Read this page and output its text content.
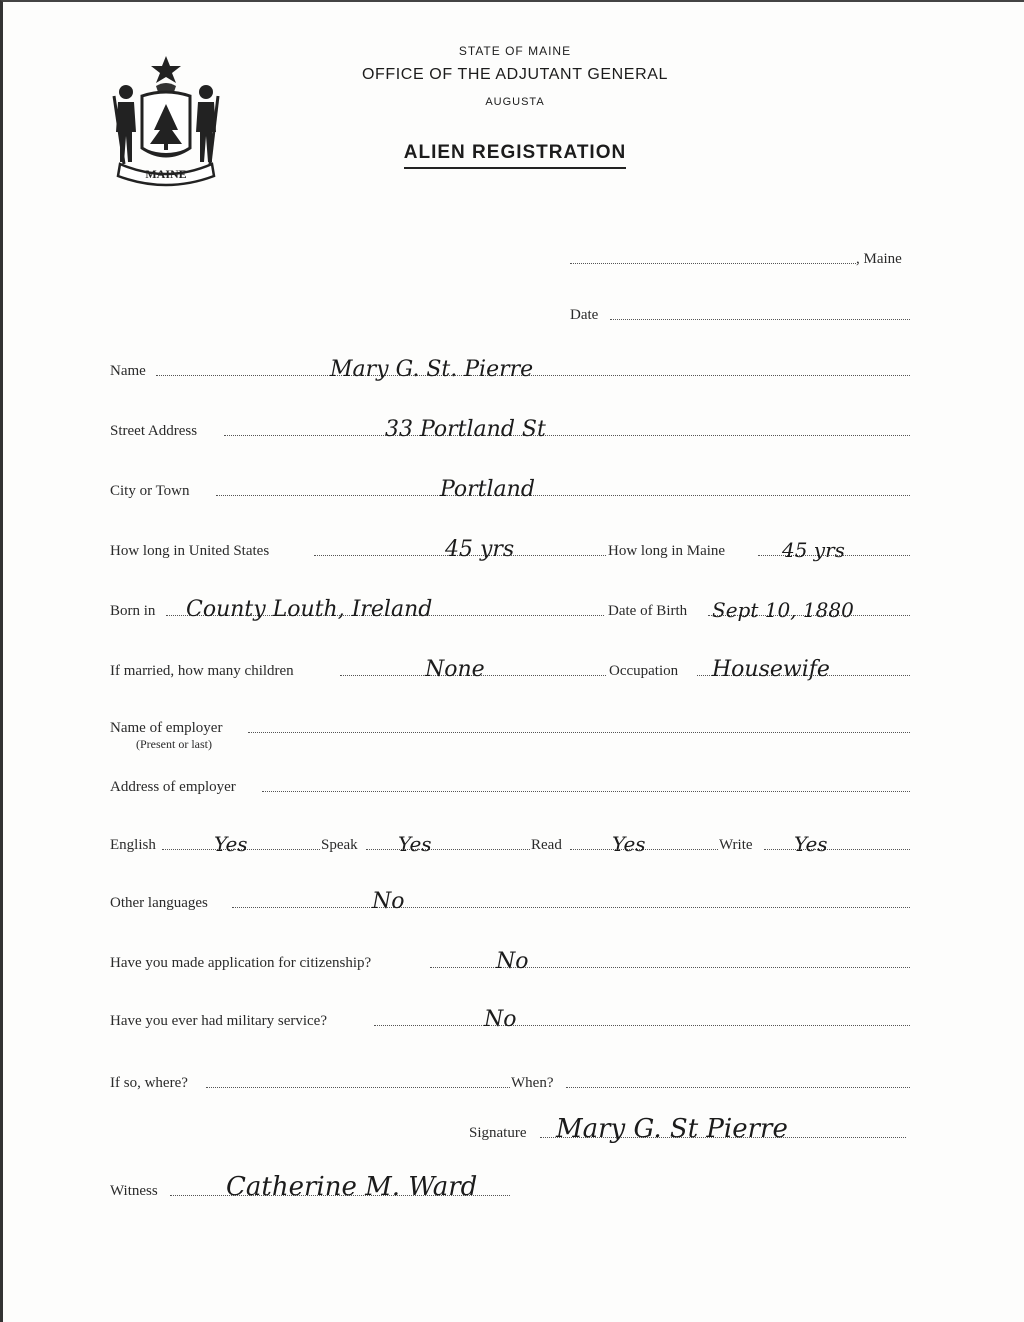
MAINE
STATE OF MAINE
OFFICE OF THE ADJUTANT GENERAL
AUGUSTA
ALIEN REGISTRATION
, Maine
Date
Name	Mary G. St. Pierre
Street Address	33 Portland St
City or Town	Portland
How long in United States	45 yrs	How long in Maine	45 yrs
Born in County Louth, Ireland	Date of Birth Sept 10, 1880
If married, how many children	None	Occupation Housewife
Name of employer
(Present or last)
Address of employer
English	Yes	Speak Yes	Read	Yes	Write Yes
Other languages	No
Have you made application for citizenship?	No
Have you ever had military service?	No
If so, where?	When?
Signature Mary G. St Pierre
Witness	Catherine M. Ward
